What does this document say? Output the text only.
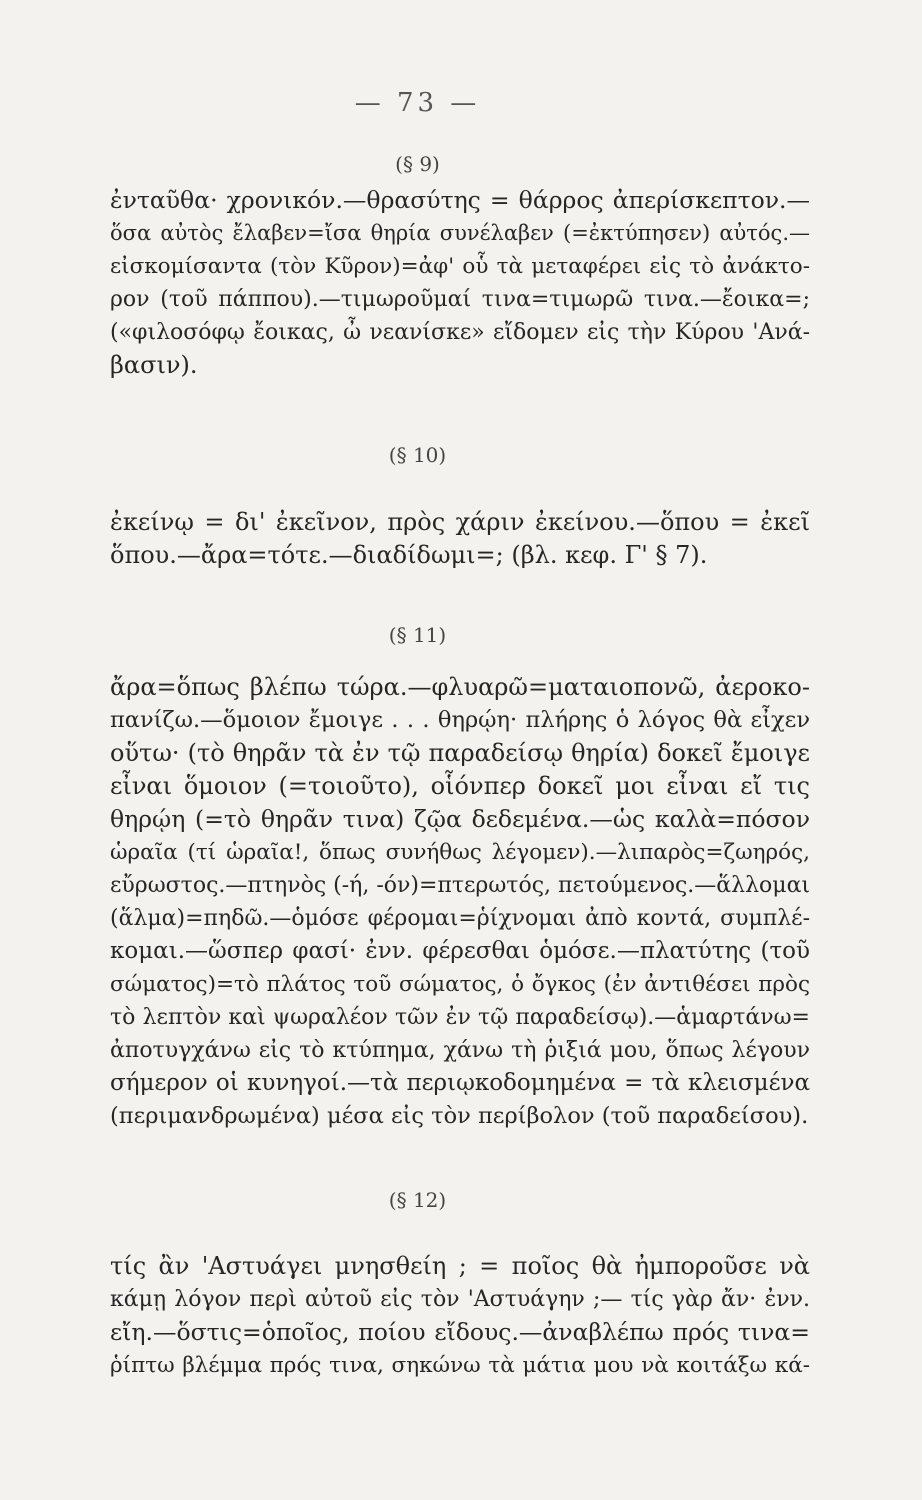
— 73 —
(§ 9)
ἐνταῦθα· χρονικόν.—θρασύτης = θάρρος ἀπερίσκεπτον.—
ὅσα αὐτὸς ἔλαβεν=ἴσα θηρία συνέλαβεν (=ἐκτύπησεν) αὐτός.—
εἰσκομίσαντα (τὸν Κῦρον)=ἀφ' οὗ τὰ μεταφέρει εἰς τὸ ἀνάκτο-
ρον (τοῦ πάππου).—τιμωροῦμαί τινα=τιμωρῶ τινα.—ἔοικα=;
(«φιλοσόφῳ ἔοικας, ὦ νεανίσκε» εἴδομεν εἰς τὴν Κύρου 'Ανά-
βασιν).
(§ 10)
ἐκείνῳ = δι' ἐκεῖνον, πρὸς χάριν ἐκείνου.—ὅπου = ἐκεῖ
ὅπου.—ἄρα=τότε.—διαδίδωμι=; (βλ. κεφ. Γ' § 7).
(§ 11)
ἄρα=ὅπως βλέπω τώρα.—φλυαρῶ=ματαιοπονῶ, ἀεροκο-
πανίζω.—ὅμοιον ἔμοιγε . . . θηρῴη· πλήρης ὁ λόγος θὰ εἶχεν
οὕτω· (τὸ θηρᾶν τὰ ἐν τῷ παραδείσῳ θηρία) δοκεῖ ἔμοιγε
εἶναι ὅμοιον (=τοιοῦτο), οἷόνπερ δοκεῖ μοι εἶναι εἴ τις
θηρῴη (=τὸ θηρᾶν τινα) ζῷα δεδεμένα.—ὡς καλὰ=πόσον
ὡραῖα (τί ὡραῖα!, ὅπως συνήθως λέγομεν).—λιπαρὸς=ζωηρός,
εὔρωστος.—πτηνὸς (-ή, -όν)=πτερωτός, πετούμενος.—ἅλλομαι
(ἅλμα)=πηδῶ.—ὁμόσε φέρομαι=ῥίχνομαι ἀπὸ κοντά, συμπλέ-
κομαι.—ὥσπερ φασί· ἐνν. φέρεσθαι ὁμόσε.—πλατύτης (τοῦ
σώματος)=τὸ πλάτος τοῦ σώματος, ὁ ὄγκος (ἐν ἀντιθέσει πρὸς
τὸ λεπτὸν καὶ ψωραλέον τῶν ἐν τῷ παραδείσῳ).—ἁμαρτάνω=
ἀποτυγχάνω εἰς τὸ κτύπημα, χάνω τὴ ῥιξιά μου, ὅπως λέγουν
σήμερον οἱ κυνηγοί.—τὰ περιῳκοδομημένα = τὰ κλεισμένα
(περιμανδρωμένα) μέσα εἰς τὸν περίβολον (τοῦ παραδείσου).
(§ 12)
τίς ἂν 'Αστυάγει μνησθείη ; = ποῖος θὰ ἠμποροῦσε νὰ
κάμῃ λόγον περὶ αὐτοῦ εἰς τὸν 'Αστυάγην ;— τίς γὰρ ἄν· ἐνν.
εἴη.—ὅστις=ὁποῖος, ποίου εἴδους.—ἀναβλέπω πρός τινα=
ῥίπτω βλέμμα πρός τινα, σηκώνω τὰ μάτια μου νὰ κοιτάξω κά-
